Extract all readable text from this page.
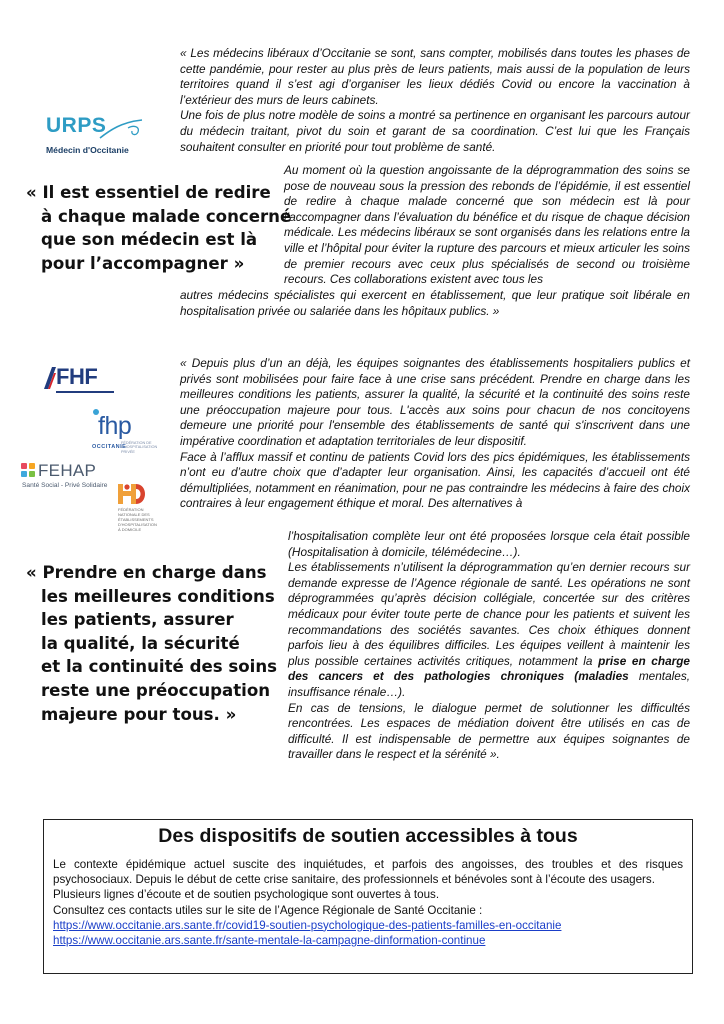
URPS
Médecin d'Occitanie
« Il est essentiel de redire
à chaque malade concerné
que son médecin est là
pour l’accompagner »

« Les médecins libéraux d’Occitanie se sont, sans compter, mobilisés dans toutes les phases de cette pandémie, pour rester au plus près de leurs patients, mais aussi de la population de leurs territoires quand il s’est agi d’organiser les lieux dédiés Covid ou encore la vaccination à l’extérieur des murs de leurs cabinets.

Une fois de plus notre modèle de soins a montré sa pertinence en organisant les parcours autour du médecin traitant, pivot du soin et garant de sa coordination. C’est lui que les Français souhaitent consulter en priorité pour tout problème de santé.

Au moment où la question angoissante de la déprogrammation des soins se pose de nouveau sous la pression des rebonds de l’épidémie, il est essentiel de redire à chaque malade concerné que son médecin est là pour l’accompagner dans l’évaluation du bénéfice et du risque de chaque décision médicale. Les médecins libéraux se sont organisés dans les relations entre la ville et l’hôpital pour éviter la rupture des parcours et mieux articuler les soins de premier recours avec ceux plus spécialisés de second ou troisième recours. Ces collaborations existent avec tous les

autres médecins spécialistes qui exercent en établissement, que leur pratique soit libérale en hospitalisation privée ou salariée dans les hôpitaux publics. »

FHF
fhp
OCCITANIE
FÉDÉRATION DE L'HOSPITALISATION PRIVÉE
FEHAP
Santé Social - Privé Solidaire
FÉDÉRATION NATIONALE DES ÉTABLISSEMENTS D'HOSPITALISATION À DOMICILE
« Prendre en charge dans
les meilleures conditions
les patients, assurer
la qualité, la sécurité
et la continuité des soins
reste une préoccupation
majeure pour tous. »

« Depuis plus d’un an déjà, les équipes soignantes des établissements hospitaliers publics et privés sont mobilisées pour faire face à une crise sans précédent. Prendre en charge dans les meilleures conditions les patients, assurer la qualité, la sécurité et la continuité des soins reste une préoccupation majeure pour tous. L'accès aux soins pour chacun de nos concitoyens demeure une priorité pour l'ensemble des établissements de santé qui s'inscrivent dans une impérative coordination et adaptation territoriales de leur dispositif.

Face à l’afflux massif et continu de patients Covid lors des pics épidémiques, les établissements n’ont eu d’autre choix que d’adapter leur organisation. Ainsi, les capacités d’accueil ont été démultipliées, notamment en réanimation, pour ne pas contraindre les médecins à faire des choix contraires à leur engagement éthique et moral. Des alternatives à

l’hospitalisation complète leur ont été proposées lorsque cela était possible (Hospitalisation à domicile, télémédecine…).

Les établissements n’utilisent la déprogrammation qu’en dernier recours sur demande expresse de l’Agence régionale de santé. Les opérations ne sont déprogrammées qu’après décision collégiale, concertée sur des critères médicaux pour éviter toute perte de chance pour les patients et suivent les recommandations des sociétés savantes. Ces choix éthiques donnent parfois lieu à des équilibres difficiles. Les équipes veillent à maintenir les plus possible certaines activités critiques, notamment la prise en charge des cancers et des pathologies chroniques (maladies mentales, insuffisance rénale…).

En cas de tensions, le dialogue permet de solutionner les difficultés rencontrées. Les espaces de médiation doivent être utilisés en cas de difficulté. Il est indispensable de permettre aux équipes soignantes de travailler dans le respect et la sérénité ».

Des dispositifs de soutien accessibles à tous

Le contexte épidémique actuel suscite des inquiétudes, et parfois des angoisses, des troubles et des risques psychosociaux. Depuis le début de cette crise sanitaire, des professionnels et bénévoles sont à l’écoute des usagers.

Plusieurs lignes d’écoute et de soutien psychologique sont ouvertes à tous.

Consultez ces contacts utiles sur le site de l’Agence Régionale de Santé Occitanie :

https://www.occitanie.ars.sante.fr/covid19-soutien-psychologique-des-patients-familles-en-occitanie
https://www.occitanie.ars.sante.fr/sante-mentale-la-campagne-dinformation-continue
